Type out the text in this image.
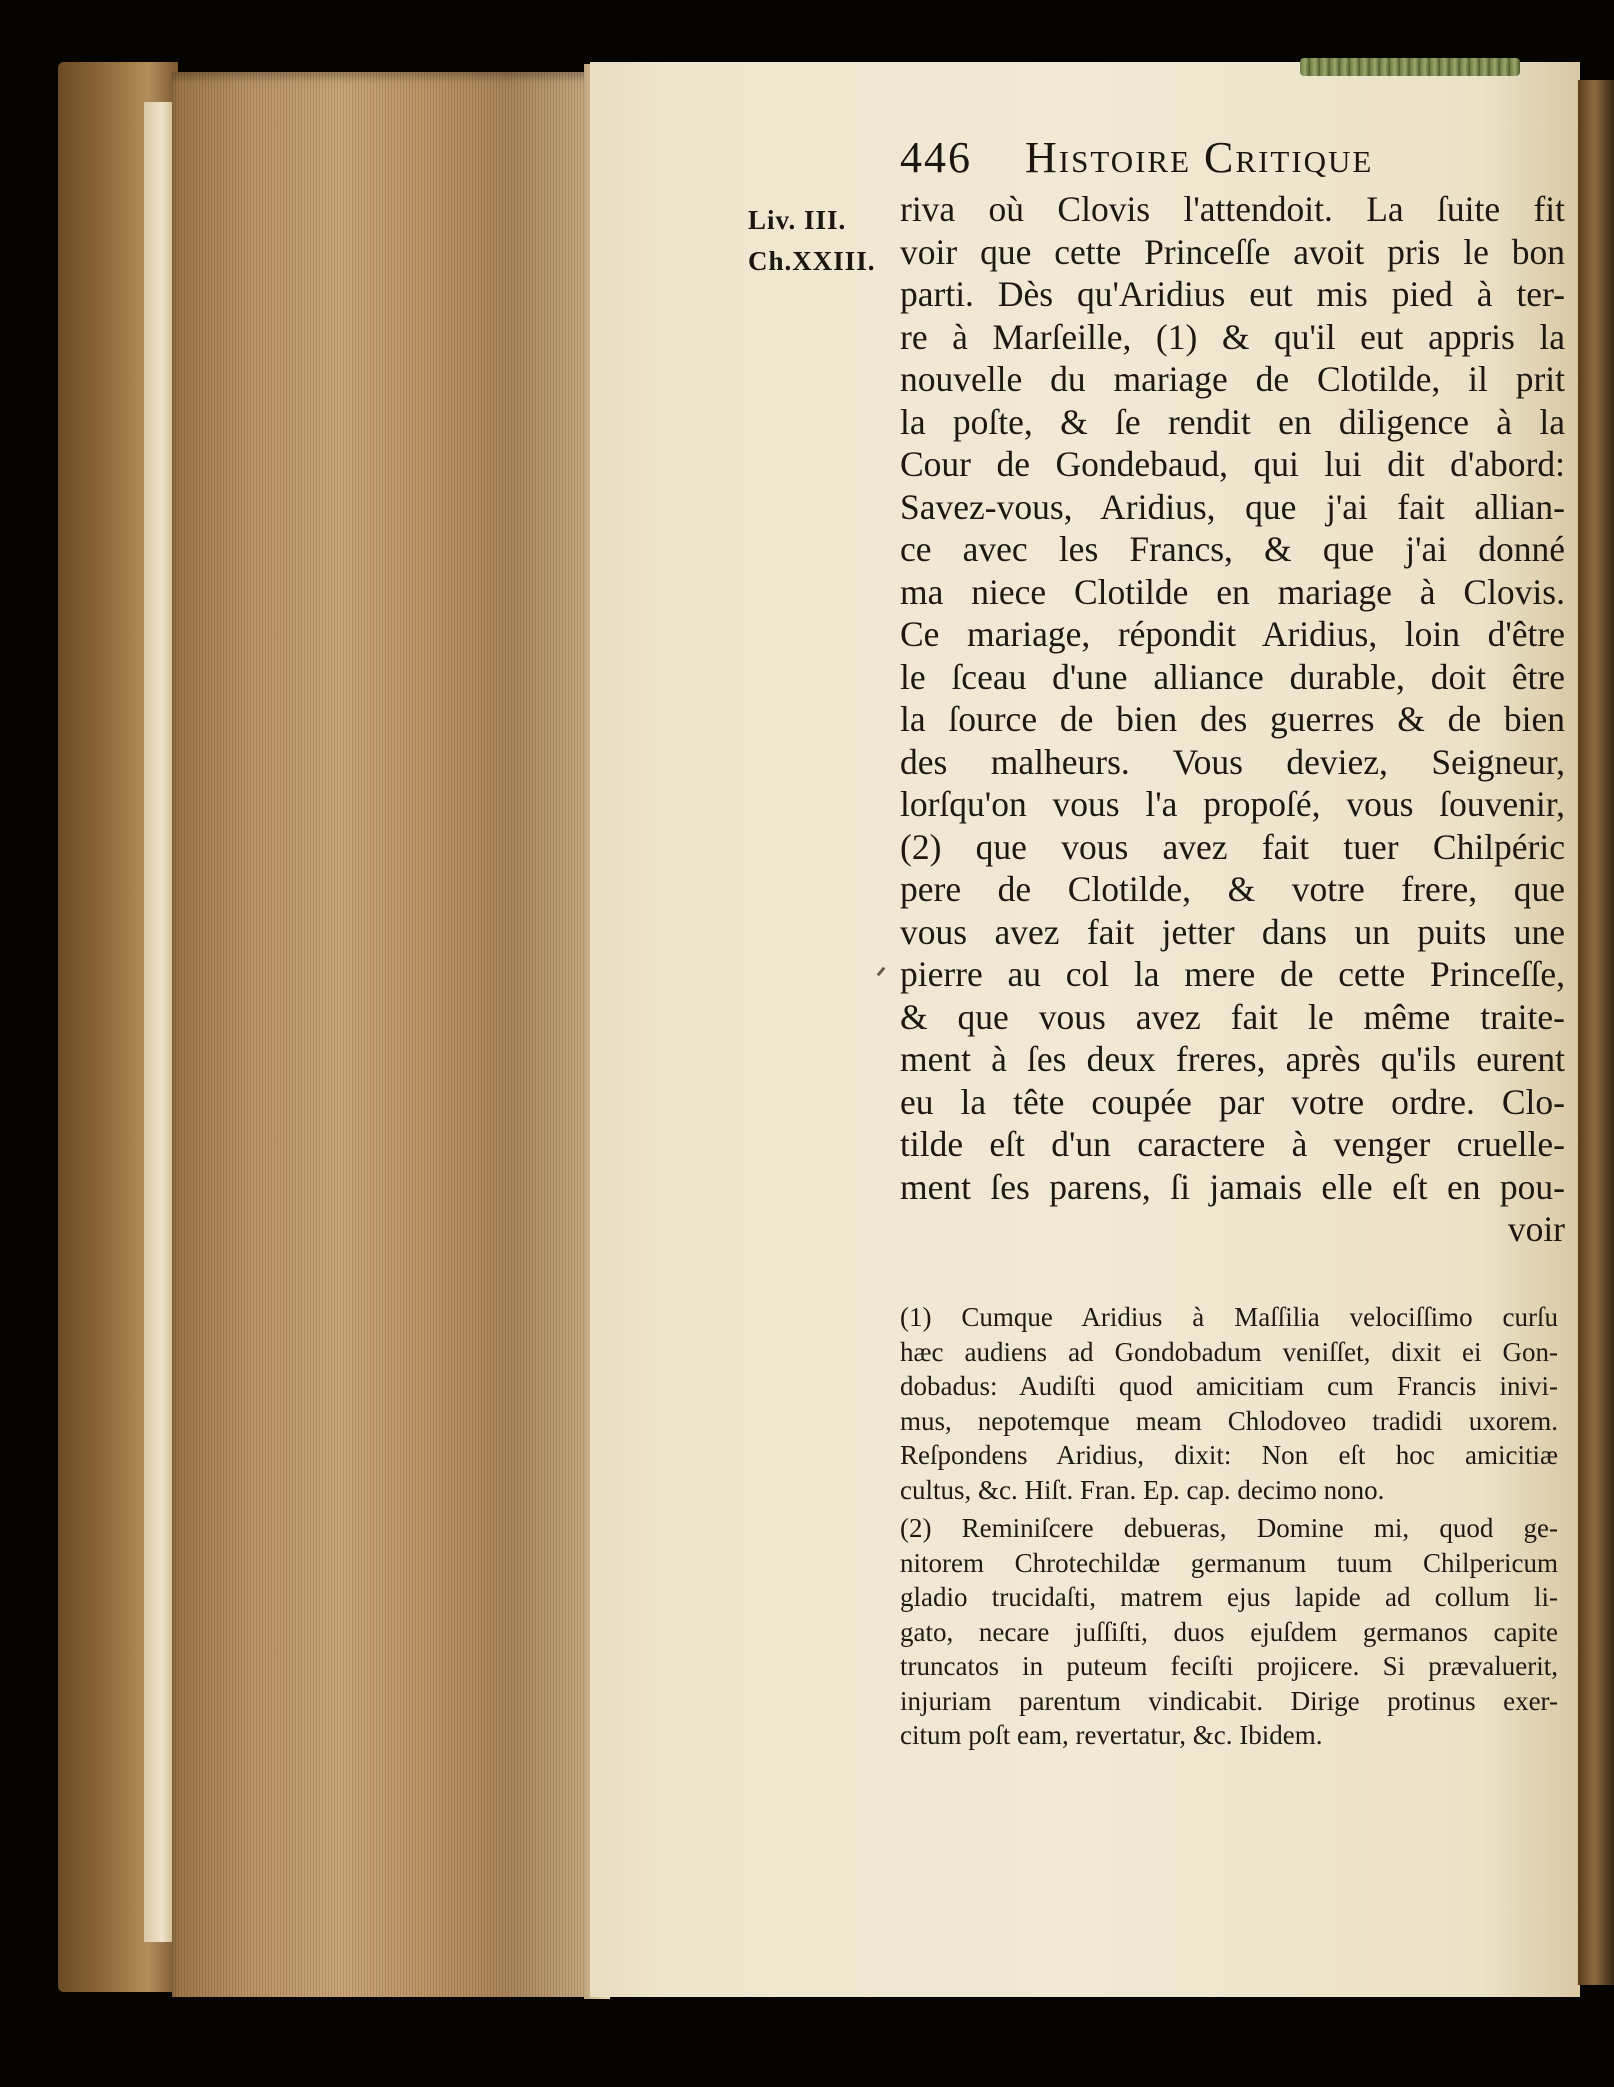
446 Histoire Critique
Liv. III.
Ch.XXIII.
riva où Clovis l'attendoit. La ſuite fit
voir que cette Princeſſe avoit pris le bon
parti. Dès qu'Aridius eut mis pied à ter-
re à Marſeille, (1) & qu'il eut appris la
nouvelle du mariage de Clotilde, il prit
la poſte, & ſe rendit en diligence à la
Cour de Gondebaud, qui lui dit d'abord:
Savez-vous, Aridius, que j'ai fait allian-
ce avec les Francs, & que j'ai donné
ma niece Clotilde en mariage à Clovis.
Ce mariage, répondit Aridius, loin d'être
le ſceau d'une alliance durable, doit être
la ſource de bien des guerres & de bien
des malheurs. Vous deviez, Seigneur,
lorſqu'on vous l'a propoſé, vous ſouvenir,
(2) que vous avez fait tuer Chilpéric
pere de Clotilde, & votre frere, que
vous avez fait jetter dans un puits une
pierre au col la mere de cette Princeſſe,
& que vous avez fait le même traite-
ment à ſes deux freres, après qu'ils eurent
eu la tête coupée par votre ordre. Clo-
tilde eſt d'un caractere à venger cruelle-
ment ſes parens, ſi jamais elle eſt en pou-
voir
(1) Cumque Aridius à Maſſilia velociſſimo curſu
hæc audiens ad Gondobadum veniſſet, dixit ei Gon-
dobadus: Audiſti quod amicitiam cum Francis inivi-
mus, nepotemque meam Chlodoveo tradidi uxorem.
Reſpondens Aridius, dixit: Non eſt hoc amicitiæ
cultus, &c. Hiſt. Fran. Ep. cap. decimo nono.
(2) Reminiſcere debueras, Domine mi, quod ge-
nitorem Chrotechildæ germanum tuum Chilpericum
gladio trucidaſti, matrem ejus lapide ad collum li-
gato, necare juſſiſti, duos ejuſdem germanos capite
truncatos in puteum feciſti projicere. Si prævaluerit,
injuriam parentum vindicabit. Dirige protinus exer-
citum poſt eam, revertatur, &c. Ibidem.
